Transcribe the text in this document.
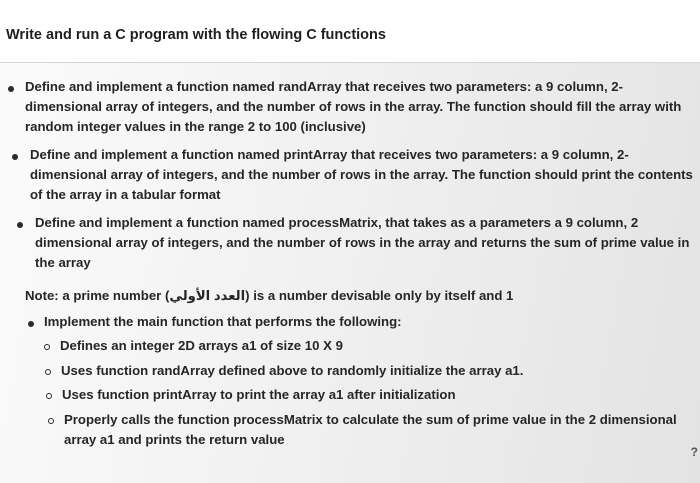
Write and run a C program with the flowing C functions
Define and implement a function named randArray that receives two parameters: a 9 column, 2-
dimensional array of integers, and the number of rows in the array. The function should fill the array with
random integer values in the range 2 to 100 (inclusive)
Define and implement a function named printArray that receives two parameters: a 9 column, 2-
dimensional array of integers, and the number of rows in the array. The function should print the contents
of the array in a tabular format
Define and implement a function named processMatrix, that takes as a parameters a 9 column, 2
dimensional array of integers, and the number of rows in the array and returns the sum of prime value in
the array
Note: a prime number (العدد الأولي) is a number devisable only by itself and 1
Implement the main function that performs the following:
Defines an integer 2D arrays a1 of size 10 X 9
Uses function randArray defined above to randomly initialize the array a1.
Uses function printArray to print the array a1 after initialization
Properly calls the function processMatrix to calculate the sum of prime value in the 2 dimensional
array a1 and prints the return value
?
